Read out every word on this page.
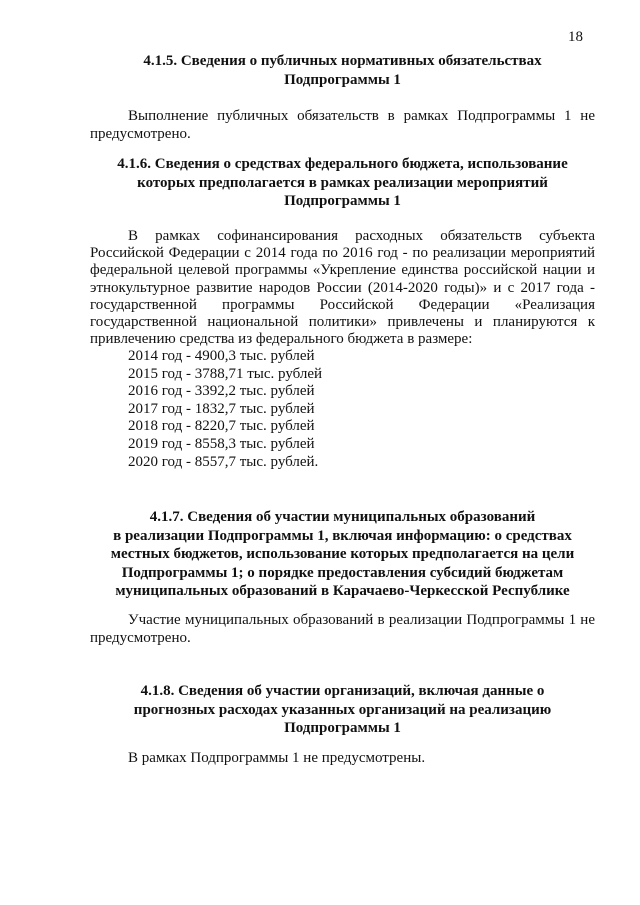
18
4.1.5. Сведения о публичных нормативных обязательствах
Подпрограммы 1
Выполнение публичных обязательств в рамках Подпрограммы 1 не предусмотрено.
4.1.6. Сведения о средствах федерального бюджета, использование
которых предполагается в рамках реализации мероприятий
Подпрограммы 1
В рамках софинансирования расходных обязательств субъекта Российской Федерации с 2014 года по 2016 год - по реализации мероприятий федеральной целевой программы «Укрепление единства российской нации и этнокультурное развитие народов России (2014-2020 годы)» и с 2017 года - государственной программы Российской Федерации «Реализация государственной национальной политики» привлечены и планируются к привлечению средства из федерального бюджета в размере:
2014 год - 4900,3 тыс. рублей
2015 год - 3788,71 тыс. рублей
2016 год - 3392,2 тыс. рублей
2017 год - 1832,7 тыс. рублей
2018 год - 8220,7 тыс. рублей
2019 год - 8558,3 тыс. рублей
2020 год - 8557,7 тыс. рублей.
4.1.7. Сведения об участии муниципальных образований
в реализации Подпрограммы 1, включая информацию: о средствах
местных бюджетов, использование которых предполагается на цели
Подпрограммы 1; о порядке предоставления субсидий бюджетам
муниципальных образований в Карачаево-Черкесской Республике
Участие муниципальных образований в реализации Подпрограммы 1 не предусмотрено.
4.1.8. Сведения об участии организаций, включая данные о
прогнозных расходах указанных организаций на реализацию
Подпрограммы 1
В рамках Подпрограммы 1 не предусмотрены.
